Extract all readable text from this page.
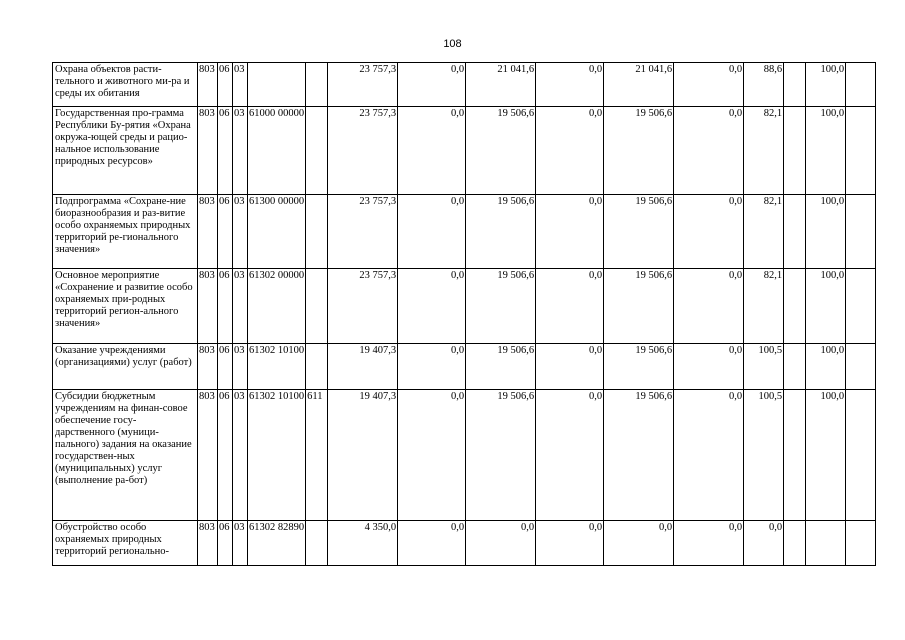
108
Охрана объектов расти-тельного и животного ми-ра и среды их обитания	803	06	03			23 757,3	0,0	21 041,6	0,0	21 041,6	0,0	88,6		100,0	
Государственная про-грамма Республики Бу-рятия «Охрана окружа-ющей среды и рацио-нальное использование природных ресурсов»	803	06	03	61000 00000		23 757,3	0,0	19 506,6	0,0	19 506,6	0,0	82,1		100,0	
Подпрограмма «Сохране-ние биоразнообразия и раз-витие особо охраняемых природных территорий ре-гионального значения»	803	06	03	61300 00000		23 757,3	0,0	19 506,6	0,0	19 506,6	0,0	82,1		100,0	
Основное мероприятие «Сохранение и развитие особо охраняемых при-родных территорий регион-ального значения»	803	06	03	61302 00000		23 757,3	0,0	19 506,6	0,0	19 506,6	0,0	82,1		100,0	
Оказание учреждениями (организациями) услуг (работ)	803	06	03	61302 10100		19 407,3	0,0	19 506,6	0,0	19 506,6	0,0	100,5		100,0	
Субсидии бюджетным учреждениям на финан-совое обеспечение госу-дарственного (муници-пального) задания на оказание государствен-ных (муниципальных) услуг (выполнение ра-бот)	803	06	03	61302 10100	611	19 407,3	0,0	19 506,6	0,0	19 506,6	0,0	100,5		100,0	
Обустройство особо охраняемых природных территорий регионально-	803	06	03	61302 82890		4 350,0	0,0	0,0	0,0	0,0	0,0	0,0			
